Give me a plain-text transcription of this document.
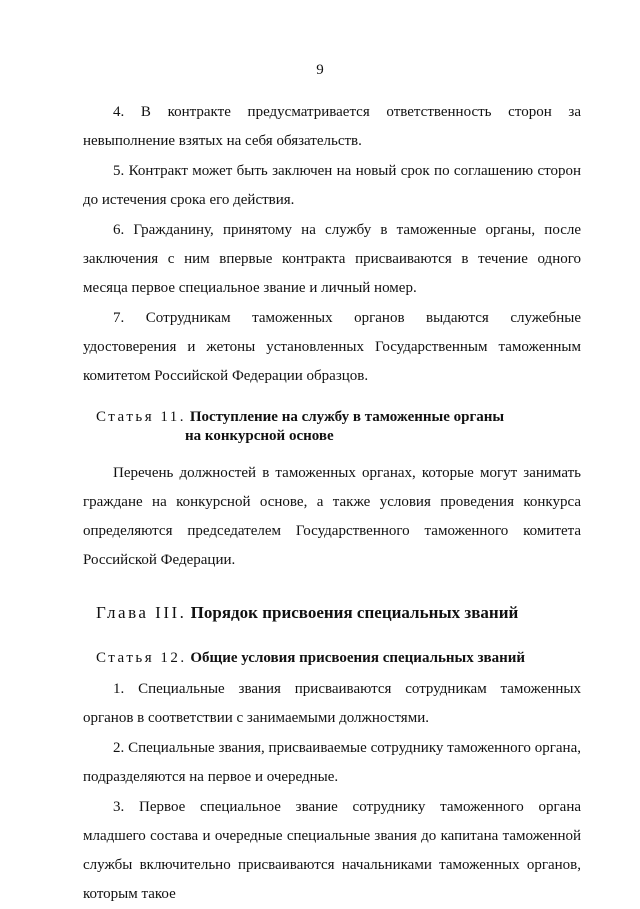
9

4. В контракте предусматривается ответственность сторон за невыполнение взятых на себя обязательств.

5. Контракт может быть заключен на новый срок по соглашению сторон до истечения срока его действия.

6. Гражданину, принятому на службу в таможенные органы, после заключения с ним впервые контракта присваиваются в течение одного месяца первое специальное звание и личный номер.

7. Сотрудникам таможенных органов выдаются служебные удостоверения и жетоны установленных Государственным таможенным комитетом Российской Федерации образцов.

Статья 11. Поступление на службу в таможенные органы
на конкурсной основе

Перечень должностей в таможенных органах, которые могут занимать граждане на конкурсной основе, а также условия проведения конкурса определяются председателем Государственного таможенного комитета Российской Федерации.

Глава III. Порядок присвоения специальных званий
Статья 12. Общие условия присвоения специальных званий

1. Специальные звания присваиваются сотрудникам таможенных органов в соответствии с занимаемыми должностями.

2. Специальные звания, присваиваемые сотруднику таможенного органа, подразделяются на первое и очередные.

3. Первое специальное звание сотруднику таможенного органа младшего состава и очередные специальные звания до капитана таможенной службы включительно присваиваются начальниками таможенных органов, которым такое
